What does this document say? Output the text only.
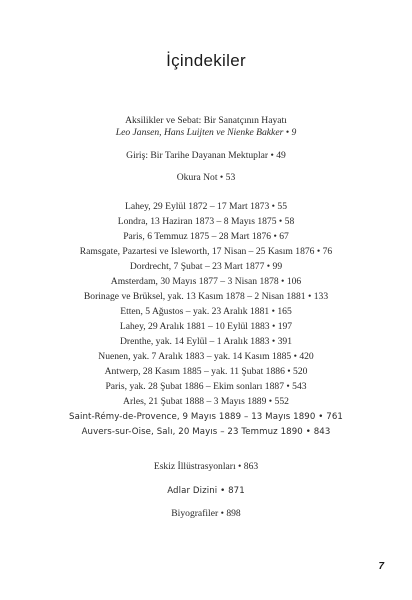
İçindekiler
Aksilikler ve Sebat: Bir Sanatçının Hayatı
Leo Jansen, Hans Luijten ve Nienke Bakker • 9
Giriş: Bir Tarihe Dayanan Mektuplar • 49
Okura Not • 53
Lahey, 29 Eylül 1872 – 17 Mart 1873 • 55
Londra, 13 Haziran 1873 – 8 Mayıs 1875 • 58
Paris, 6 Temmuz 1875 – 28 Mart 1876 • 67
Ramsgate, Pazartesi ve Isleworth, 17 Nisan – 25 Kasım 1876 • 76
Dordrecht, 7 Şubat – 23 Mart 1877 • 99
Amsterdam, 30 Mayıs 1877 – 3 Nisan 1878 • 106
Borinage ve Brüksel, yak. 13 Kasım 1878 – 2 Nisan 1881 • 133
Etten, 5 Ağustos – yak. 23 Aralık 1881 • 165
Lahey, 29 Aralık 1881 – 10 Eylül 1883 • 197
Drenthe, yak. 14 Eylül – 1 Aralık 1883 • 391
Nuenen, yak. 7 Aralık 1883 – yak. 14 Kasım 1885 • 420
Antwerp, 28 Kasım 1885 – yak. 11 Şubat 1886 • 520
Paris, yak. 28 Şubat 1886 – Ekim sonları 1887 • 543
Arles, 21 Şubat 1888 – 3 Mayıs 1889 • 552
Saint-Rémy-de-Provence, 9 Mayıs 1889 – 13 Mayıs 1890 • 761
Auvers-sur-Oise, Salı, 20 Mayıs – 23 Temmuz 1890 • 843
Eskiz İllüstrasyonları • 863
Adlar Dizini • 871
Biyografiler • 898
7
